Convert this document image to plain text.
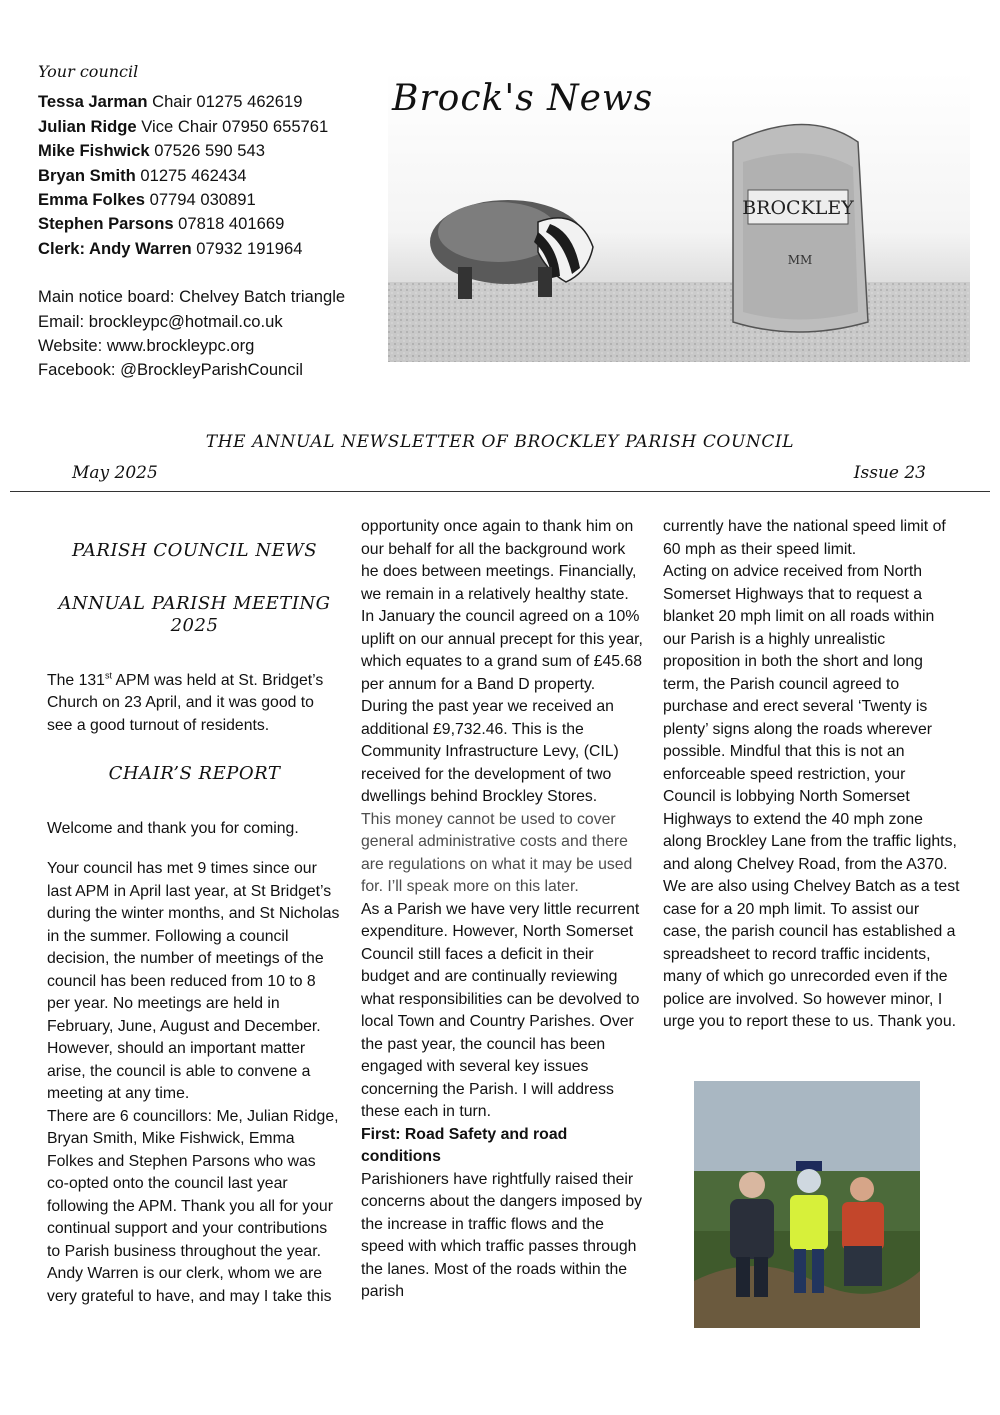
Your council
Tessa Jarman Chair 01275 462619
Julian Ridge Vice Chair 07950 655761
Mike Fishwick 07526 590 543
Bryan Smith 01275 462434
Emma Folkes 07794 030891
Stephen Parsons 07818 401669
Clerk: Andy Warren 07932 191964
Main notice board: Chelvey Batch triangle
Email: brockleypc@hotmail.co.uk
Website: www.brockleypc.org
Facebook: @BrockleyParishCouncil
BROCKLEY
MM
Brock's News
THE ANNUAL NEWSLETTER OF BROCKLEY PARISH COUNCIL
May 2025	Issue 23

PARISH COUNCIL NEWS

ANNUAL PARISH MEETING 2025

The 131st APM was held at St. Bridget’s Church on 23 April, and it was good to see a good turnout of residents.

CHAIR’S REPORT

Welcome and thank you for coming.

Your council has met 9 times since our last APM in April last year, at St Bridget’s during the winter months, and St Nicholas in the summer. Following a council decision, the number of meetings of the council has been reduced from 10 to 8 per year. No meetings are held in February, June, August and December. However, should an important matter arise, the council is able to convene a meeting at any time.

There are 6 councillors: Me, Julian Ridge, Bryan Smith, Mike Fishwick, Emma Folkes and Stephen Parsons who was co-opted onto the council last year following the APM. Thank you all for your continual support and your contributions to Parish business throughout the year. Andy Warren is our clerk, whom we are very grateful to have, and may I take this

opportunity once again to thank him on our behalf for all the background work he does between meetings. Financially, we remain in a relatively healthy state. In January the council agreed on a 10% uplift on our annual precept for this year, which equates to a grand sum of £45.68 per annum for a Band D property. During the past year we received an additional £9,732.46. This is the Community Infrastructure Levy, (CIL) received for the development of two dwellings behind Brockley Stores.

This money cannot be used to cover general administrative costs and there are regulations on what it may be used for. I’ll speak more on this later.

As a Parish we have very little recurrent expenditure. However, North Somerset Council still faces a deficit in their budget and are continually reviewing what responsibilities can be devolved to local Town and Country Parishes. Over the past year, the council has been engaged with several key issues concerning the Parish. I will address these each in turn.

First: Road Safety and road conditions

Parishioners have rightfully raised their concerns about the dangers imposed by the increase in traffic flows and the speed with which traffic passes through the lanes. Most of the roads within the parish

currently have the national speed limit of 60 mph as their speed limit.

Acting on advice received from North Somerset Highways that to request a blanket 20 mph limit on all roads within our Parish is a highly unrealistic proposition in both the short and long term, the Parish council agreed to purchase and erect several ‘Twenty is plenty’ signs along the roads wherever possible. Mindful that this is not an enforceable speed restriction, your Council is lobbying North Somerset Highways to extend the 40 mph zone along Brockley Lane from the traffic lights, and along Chelvey Road, from the A370. We are also using Chelvey Batch as a test case for a 20 mph limit. To assist our case, the parish council has established a spreadsheet to record traffic incidents, many of which go unrecorded even if the police are involved. So however minor, I urge you to report these to us. Thank you.
